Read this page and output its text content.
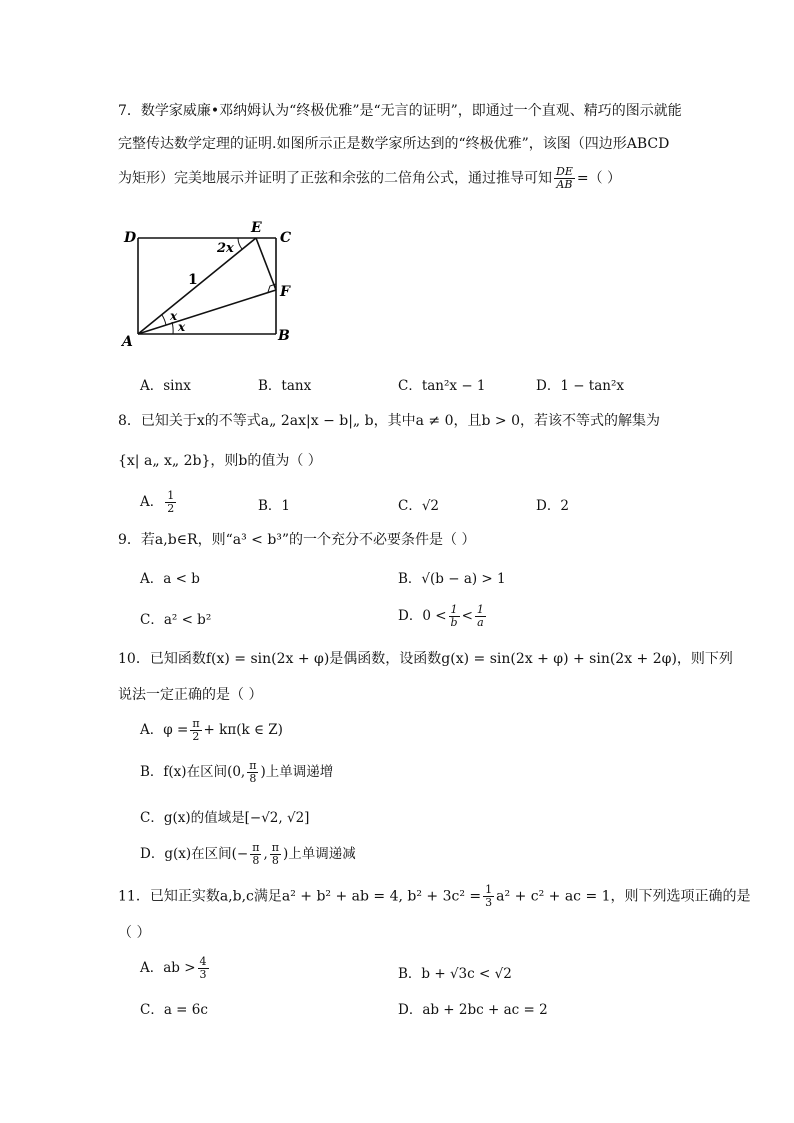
7．数学家威廉•邓纳姆认为“终极优雅”是“无言的证明”，即通过一个直观、精巧的图示就能
完整传达数学定理的证明.如图所示正是数学家所达到的“终极优雅”，该图（四边形ABCD
为矩形）完美地展示并证明了正弦和余弦的二倍角公式，通过推导可知 $\frac{DE}{AB}$ =（ ）
D
E
C
A	B
F
1
2x
x
x
A．sinx	B．tanx	C．tan²x − 1	D．1 − tan²x
8．已知关于x的不等式a„ 2ax|x − b|„ b，其中a ≠ 0，且b > 0，若该不等式的解集为
{x| a„ x„ 2b}，则b的值为（ ）
A． $\frac{1}{2}$	B．1	C．√2	D．2
9．若a,b∈R，则“a³ < b³”的一个充分不必要条件是（ ）
A．a < b	B．√(b − a) > 1
C．a² < b²	D．$0 < \frac{1}{b} < \frac{1}{a}$
10．已知函数f(x) = sin(2x + φ)是偶函数，设函数g(x) = sin(2x + φ) + sin(2x + 2φ)，则下列
说法一定正确的是（ ）
A．$\varphi = \frac{\pi}{2} + k\pi(k$ ∈ Z)
B．f(x)在区间(0, $\frac{\pi}{8}$ )上单调递增
C．g(x)的值域是[−√2, √2]
D．g(x)在区间(− $\frac{\pi}{8}$ , $\frac{\pi}{8}$ )上单调递减
11．已知正实数a,b,c满足a² + b² + ab = 4, $b^2 + 3c^2 = \frac{1}{3} a^2 + c^2$ + ac = 1，则下列选项正确的是
（ ）
A．ab > $\frac{4}{3}$	B．b + √3c < √2
C．a = 6c	D．ab + 2bc + ac = 2
